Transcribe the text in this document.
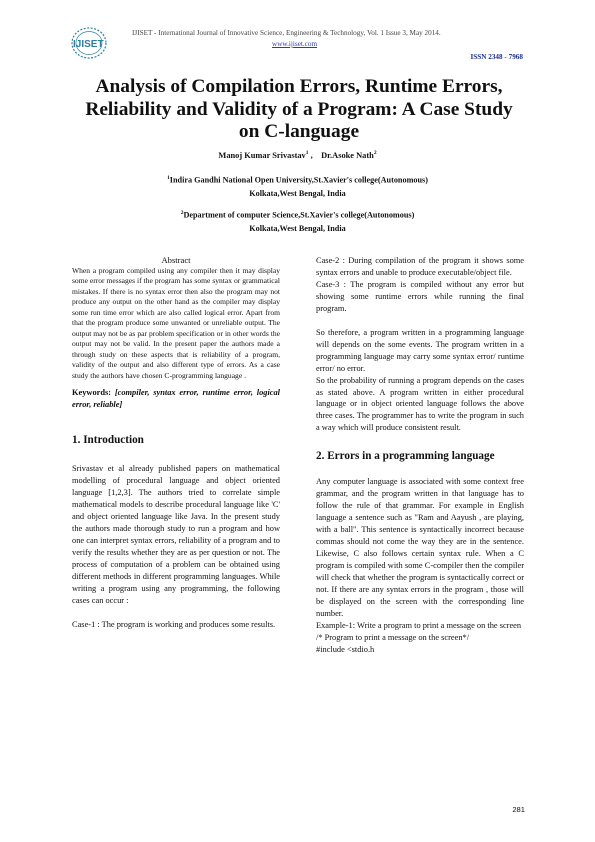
IJISET
IJISET - International Journal of Innovative Science, Engineering & Technology, Vol. 1 Issue 3, May 2014.
www.ijiset.com
ISSN 2348 - 7968
Analysis of Compilation Errors, Runtime Errors,
Reliability and Validity of a Program: A Case Study
on C-language
Manoj Kumar Srivastav$^1$ , Dr.Asoke Nath$^2$
$^1$Indira Gandhi National Open University,St.Xavier's college(Autonomous)
Kolkata,West Bengal, India
$^2$Department of computer Science,St.Xavier's college(Autonomous)
Kolkata,West Bengal, India

Abstract

When a program compiled using any compiler then it may display some error messages if the program has some syntax or grammatical mistakes. If there is no syntax error then also the program may not produce any output on the other hand as the compiler may display some run time error which are also called logical error. Apart from that the program produce some unwanted or unreliable output. The output may not be as par problem specification or in other words the output may not be valid. In the present paper the authors made a through study on these aspects that is reliability of a program, validity of the output and also different type of errors. As a case study the authors have chosen C-programming language .

Keywords: [compiler, syntax error, runtime error, logical error, reliable]

1. Introduction

Srivastav et al already published papers on mathematical modelling of procedural language and object oriented language [1,2,3]. The authors tried to correlate simple mathematical models to describe procedural language like 'C' and object oriented language like Java. In the present study the authors made thorough study to run a program and how one can interpret syntax errors, reliability of a program and to verify the results whether they are as per question or not. The process of computation of a problem can be obtained using different methods in different programming languages. While writing a program using any programming, the following cases can occur :

Case-1 : The program is working and produces some results.

Case-2 : During compilation of the program it shows some syntax errors and unable to produce executable/object file.

Case-3 : The program is compiled without any error but showing some runtime errors while running the final program.

So therefore, a program written in a programming language will depends on the some events. The program written in a programming language may carry some syntax error/ runtime error/ no error.

So the probability of running a program depends on the cases as stated above. A program written in either procedural language or in object oriented language follows the above three cases. The programmer has to write the program in such a way which will produce consistent result.

2. Errors in a programming language

Any computer language is associated with some context free grammar, and the program written in that language has to follow the rule of that grammar. For example in English language a sentence such as "Ram and Aayush , are playing, with a ball". This sentence is syntactically incorrect because commas should not come the way they are in the sentence. Likewise, C also follows certain syntax rule. When a C program is compiled with some C-compiler then the compiler will check that whether the program is syntactically correct or not. If there are any syntax errors in the program , those will be displayed on the screen with the corresponding line number.

Example-1: Write a program to print a message on the screen

/* Program to print a message on the screen*/

#include <stdio.h

281
